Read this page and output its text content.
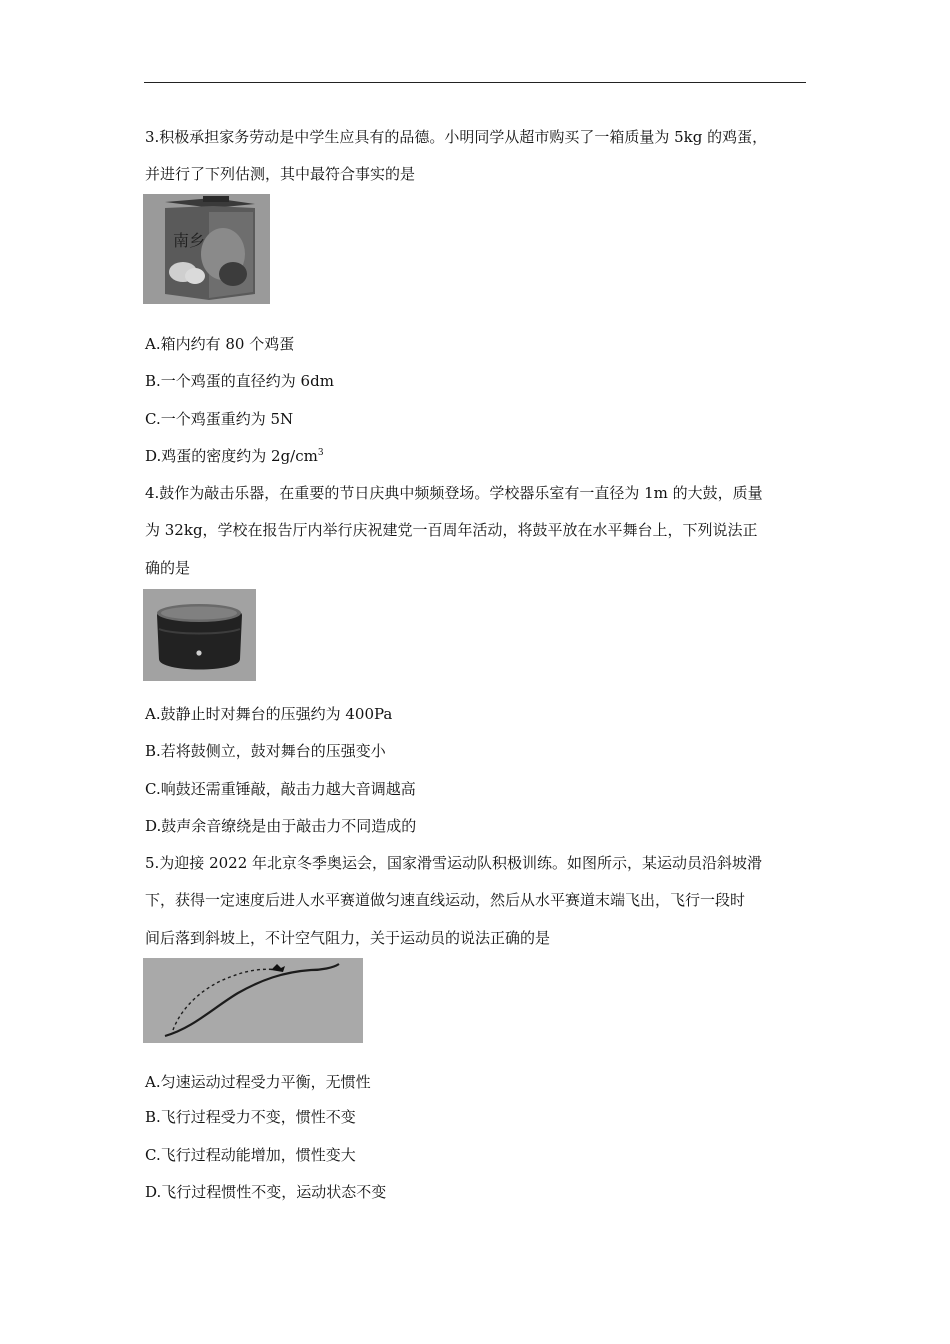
3.积极承担家务劳动是中学生应具有的品德。小明同学从超市购买了一箱质量为 5kg 的鸡蛋，
并进行了下列估测，其中最符合事实的是
南乡
A.箱内约有 80 个鸡蛋
B.一个鸡蛋的直径约为 6dm
C.一个鸡蛋重约为 5N
D.鸡蛋的密度约为 $2g/cm^3$
4.鼓作为敲击乐器，在重要的节日庆典中频频登场。学校器乐室有一直径为 1m 的大鼓，质量
为 32kg，学校在报告厅内举行庆祝建党一百周年活动，将鼓平放在水平舞台上，下列说法正
确的是
A.鼓静止时对舞台的压强约为 400Pa
B.若将鼓侧立，鼓对舞台的压强变小
C.响鼓还需重锤敲，敲击力越大音调越高
D.鼓声余音缭绕是由于敲击力不同造成的
5.为迎接 2022 年北京冬季奥运会，国家滑雪运动队积极训练。如图所示，某运动员沿斜坡滑
下，获得一定速度后进人水平赛道做匀速直线运动，然后从水平赛道末端飞出，飞行一段时
间后落到斜坡上，不计空气阻力，关于运动员的说法正确的是
A.匀速运动过程受力平衡，无惯性
B.飞行过程受力不变，惯性不变
C.飞行过程动能增加，惯性变大
D.飞行过程惯性不变，运动状态不变
